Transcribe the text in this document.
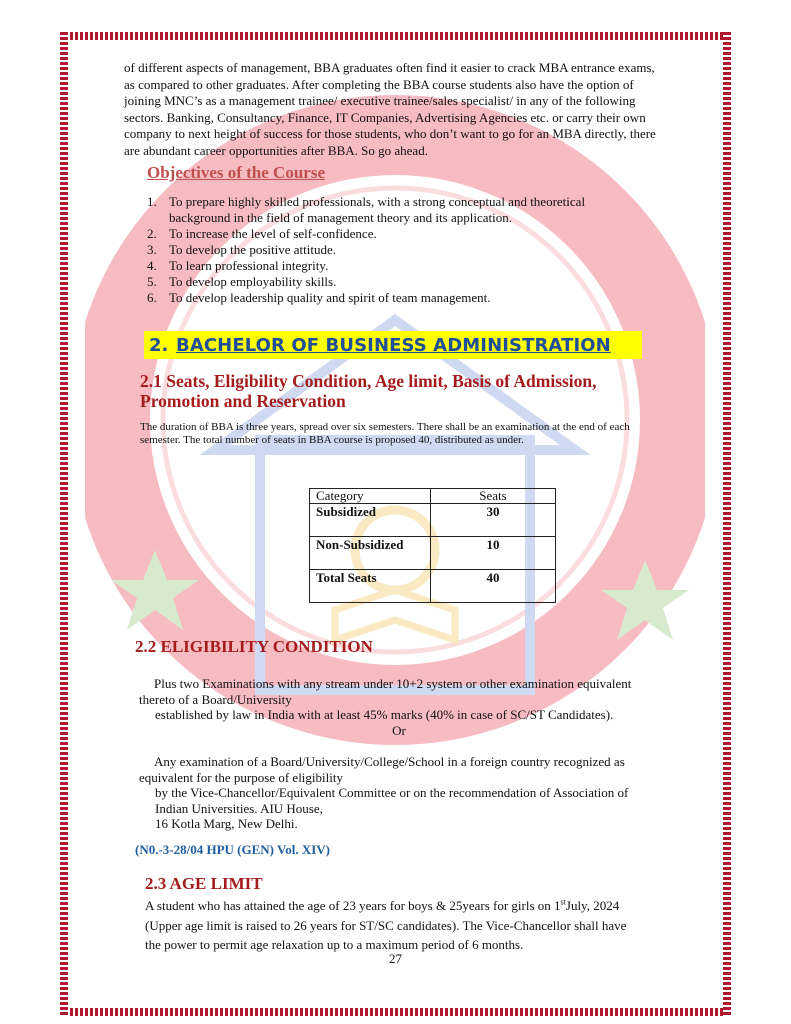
of different aspects of management, BBA graduates often find it easier to crack MBA entrance exams, as compared to other graduates. After completing the BBA course students also have the option of joining MNC’s as a management trainee/ executive trainee/sales specialist/ in any of the following sectors. Banking, Consultancy, Finance, IT Companies, Advertising Agencies etc. or carry their own company to next height of success for those students, who don’t want to go for an MBA directly, there are abundant career opportunities after BBA. So go ahead.

Objectives of the Course
1. To prepare highly skilled professionals, with a strong conceptual and theoretical background in the field of management theory and its application.
2. To increase the level of self-confidence.
3. To develop the positive attitude.
4. To learn professional integrity.
5. To develop employability skills.
6. To develop leadership quality and spirit of team management.
2. BACHELOR OF BUSINESS ADMINISTRATION
2.1 Seats, Eligibility Condition, Age limit, Basis of Admission, Promotion and Reservation

The duration of BBA is three years, spread over six semesters. There shall be an examination at the end of each semester. The total number of seats in BBA course is proposed 40, distributed as under.

Category	Seats
Subsidized	30
Non-Subsidized	10
Total Seats	40
2.2 ELIGIBILITY CONDITION

Plus two Examinations with any stream under 10+2 system or other examination equivalent thereto of a Board/University

established by law in India with at least 45% marks (40% in case of SC/ST Candidates).

Or

Any examination of a Board/University/College/School in a foreign country recognized as equivalent for the purpose of eligibility

by the Vice-Chancellor/Equivalent Committee or on the recommendation of Association of Indian Universities. AIU House,

16 Kotla Marg, New Delhi.

(N0.-3-28/04 HPU (GEN) Vol. XIV)

2.3 AGE LIMIT

A student who has attained the age of 23 years for boys & 25years for girls on 1stJuly, 2024 (Upper age limit is raised to 26 years for ST/SC candidates). The Vice-Chancellor shall have the power to permit age relaxation up to a maximum period of 6 months.

27
